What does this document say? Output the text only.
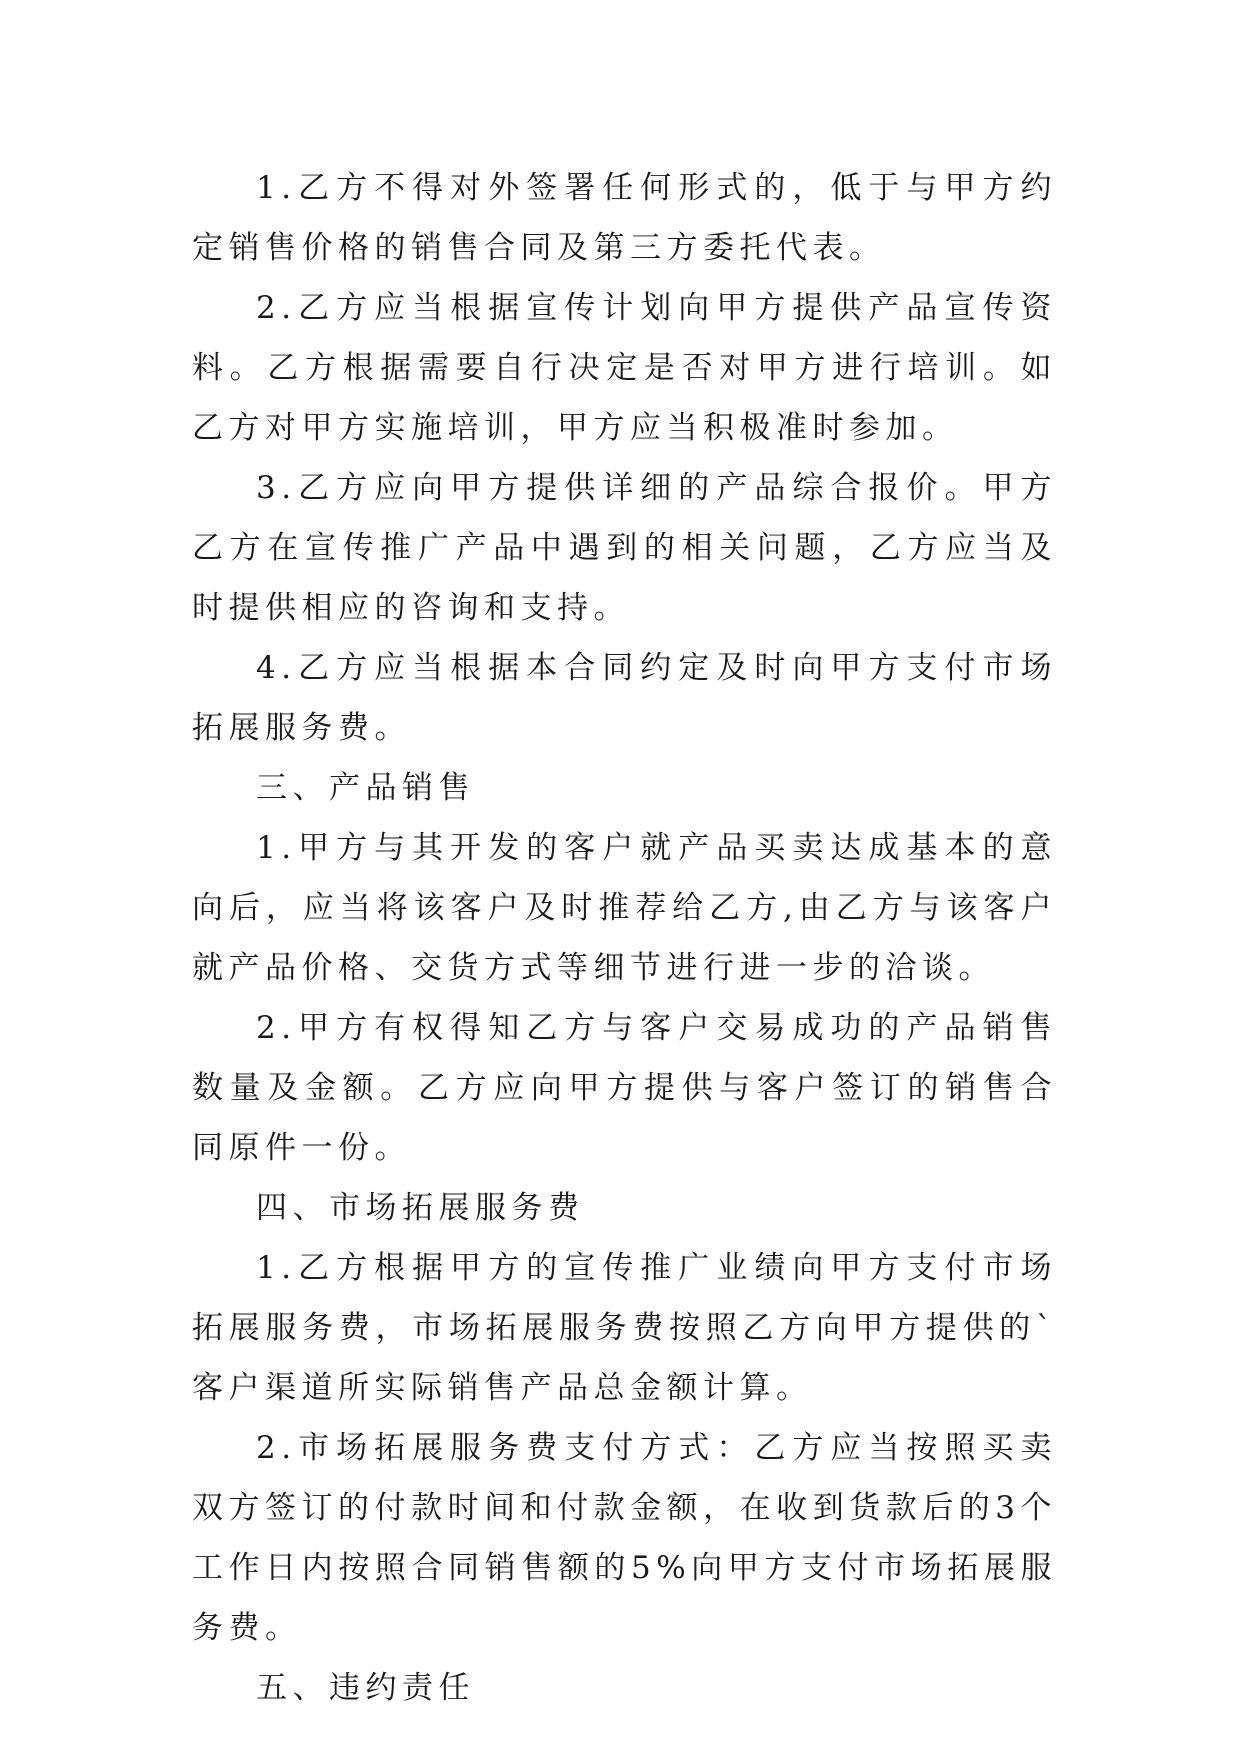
1.乙方不得对外签署任何形式的，低于与甲方约定销售价格的销售合同及第三方委托代表。

2.乙方应当根据宣传计划向甲方提供产品宣传资料。乙方根据需要自行决定是否对甲方进行培训。如乙方对甲方实施培训，甲方应当积极准时参加。

3.乙方应向甲方提供详细的产品综合报价。甲方乙方在宣传推广产品中遇到的相关问题，乙方应当及时提供相应的咨询和支持。

4.乙方应当根据本合同约定及时向甲方支付市场拓展服务费。

三、产品销售

1.甲方与其开发的客户就产品买卖达成基本的意向后，应当将该客户及时推荐给乙方,由乙方与该客户就产品价格、交货方式等细节进行进一步的洽谈。

2.甲方有权得知乙方与客户交易成功的产品销售数量及金额。乙方应向甲方提供与客户签订的销售合同原件一份。

四、市场拓展服务费

1.乙方根据甲方的宣传推广业绩向甲方支付市场拓展服务费，市场拓展服务费按照乙方向甲方提供的`客户渠道所实际销售产品总金额计算。

2.市场拓展服务费支付方式：乙方应当按照买卖双方签订的付款时间和付款金额，在收到货款后的3个工作日内按照合同销售额的5%向甲方支付市场拓展服务费。

五、违约责任
